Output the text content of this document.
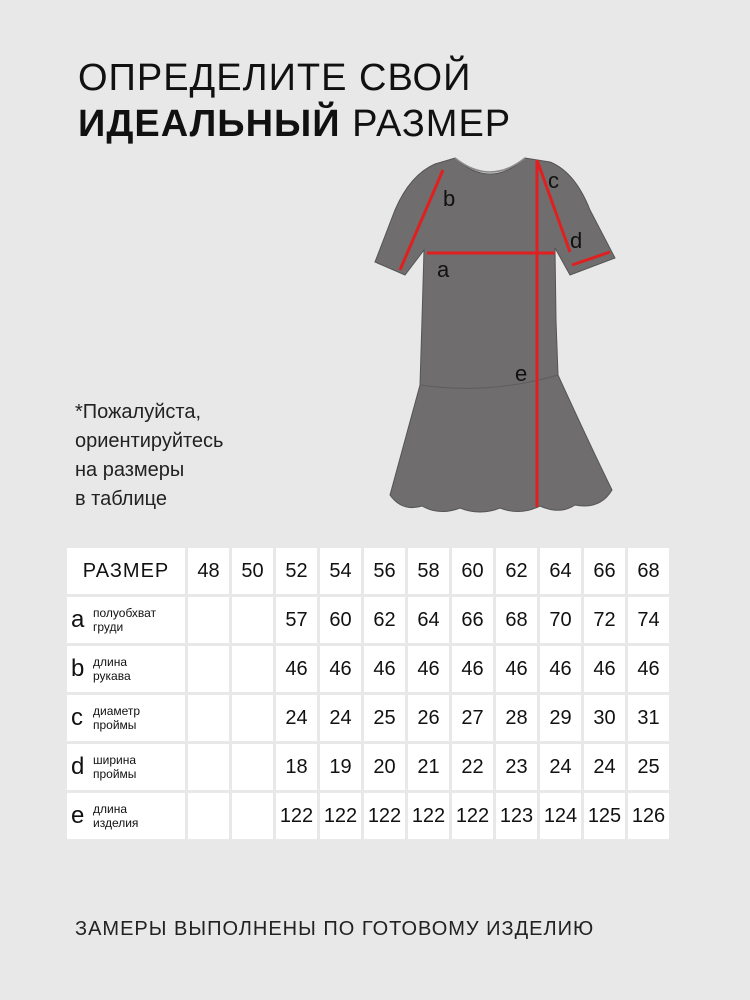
ОПРЕДЕЛИТЕ СВОЙ
ИДЕАЛЬНЫЙ РАЗМЕР
b
c
d
a
e
*Пожалуйста,
ориентируйтесь
на размеры
в таблице
РАЗМЕР	48	50	52	54	56	58	60	62	64	66	68

a полуобхват
груди			57	60	62	64	66	68	70	72	74

b длина
рукава			46	46	46	46	46	46	46	46	46

c диаметр
проймы			24	24	25	26	27	28	29	30	31

d ширина
проймы			18	19	20	21	22	23	24	24	25

e длина
изделия			122	122	122	122	122	123	124	125	126
ЗАМЕРЫ ВЫПОЛНЕНЫ ПО ГОТОВОМУ ИЗДЕЛИЮ
